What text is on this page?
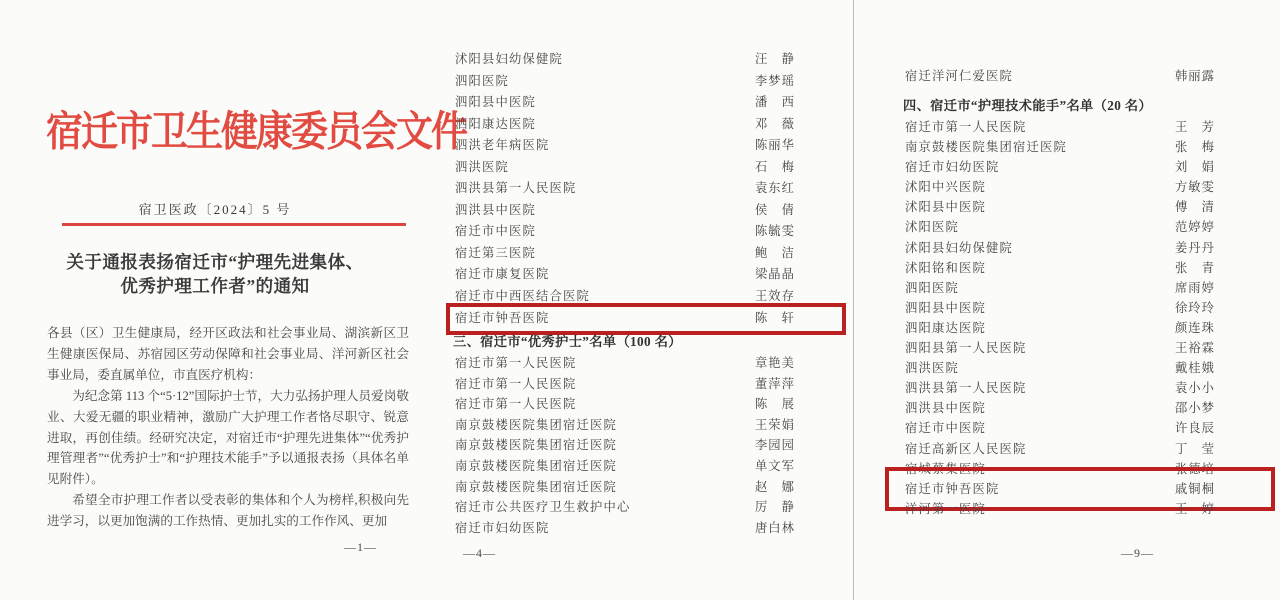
宿迁市卫生健康委员会文件
宿卫医政〔2024〕5 号
关于通报表扬宿迁市“护理先进集体、
优秀护理工作者”的通知

各县（区）卫生健康局，经开区政法和社会事业局、湖滨新区卫生健康医保局、苏宿园区劳动保障和社会事业局、洋河新区社会事业局，委直属单位，市直医疗机构：

为纪念第 113 个“5·12”国际护士节，大力弘扬护理人员爱岗敬业、大爱无疆的职业精神，激励广大护理工作者恪尽职守、锐意进取，再创佳绩。经研究决定，对宿迁市“护理先进集体”“优秀护理管理者”“优秀护士”和“护理技术能手”予以通报表扬（具体名单见附件）。

希望全市护理工作者以受表彰的集体和个人为榜样,积极向先进学习，以更加饱满的工作热情、更加扎实的工作作风、更加

—1—
沭阳县妇幼保健院	汪　静
泗阳医院	李梦瑶
泗阳县中医院	潘　西
泗阳康达医院	邓　薇
泗洪老年病医院	陈丽华
泗洪医院	石　梅
泗洪县第一人民医院	袁东红
泗洪县中医院	侯　倩
宿迁市中医院	陈毓雯
宿迁第三医院	鲍　洁
宿迁市康复医院	梁晶晶
宿迁市中西医结合医院	王效存
宿迁市钟吾医院	陈　轩
三、宿迁市“优秀护士”名单（100 名）
宿迁市第一人民医院	章艳美
宿迁市第一人民医院	董萍萍
宿迁市第一人民医院	陈　展
南京鼓楼医院集团宿迁医院	王荣娟
南京鼓楼医院集团宿迁医院	李园园
南京鼓楼医院集团宿迁医院	单文军
南京鼓楼医院集团宿迁医院	赵　娜
宿迁市公共医疗卫生救护中心	厉　静
宿迁市妇幼医院	唐白林
—4—
宿迁洋河仁爱医院	韩丽露
四、宿迁市“护理技术能手”名单（20 名）
宿迁市第一人民医院	王　芳
南京鼓楼医院集团宿迁医院	张　梅
宿迁市妇幼医院	刘　娟
沭阳中兴医院	方敏雯
沭阳县中医院	傅　清
沭阳医院	范婷婷
沭阳县妇幼保健院	姜丹丹
沭阳铭和医院	张　青
泗阳医院	席雨婷
泗阳县中医院	徐玲玲
泗阳康达医院	颜连珠
泗阳县第一人民医院	王裕霖
泗洪医院	戴桂娥
泗洪县第一人民医院	袁小小
泗洪县中医院	邵小梦
宿迁市中医院	许良辰
宿迁高新区人民医院	丁　莹
宿城蔡集医院	张德培
宿迁市钟吾医院	戚铜桐
洋河第一医院	王　婷
—9—
